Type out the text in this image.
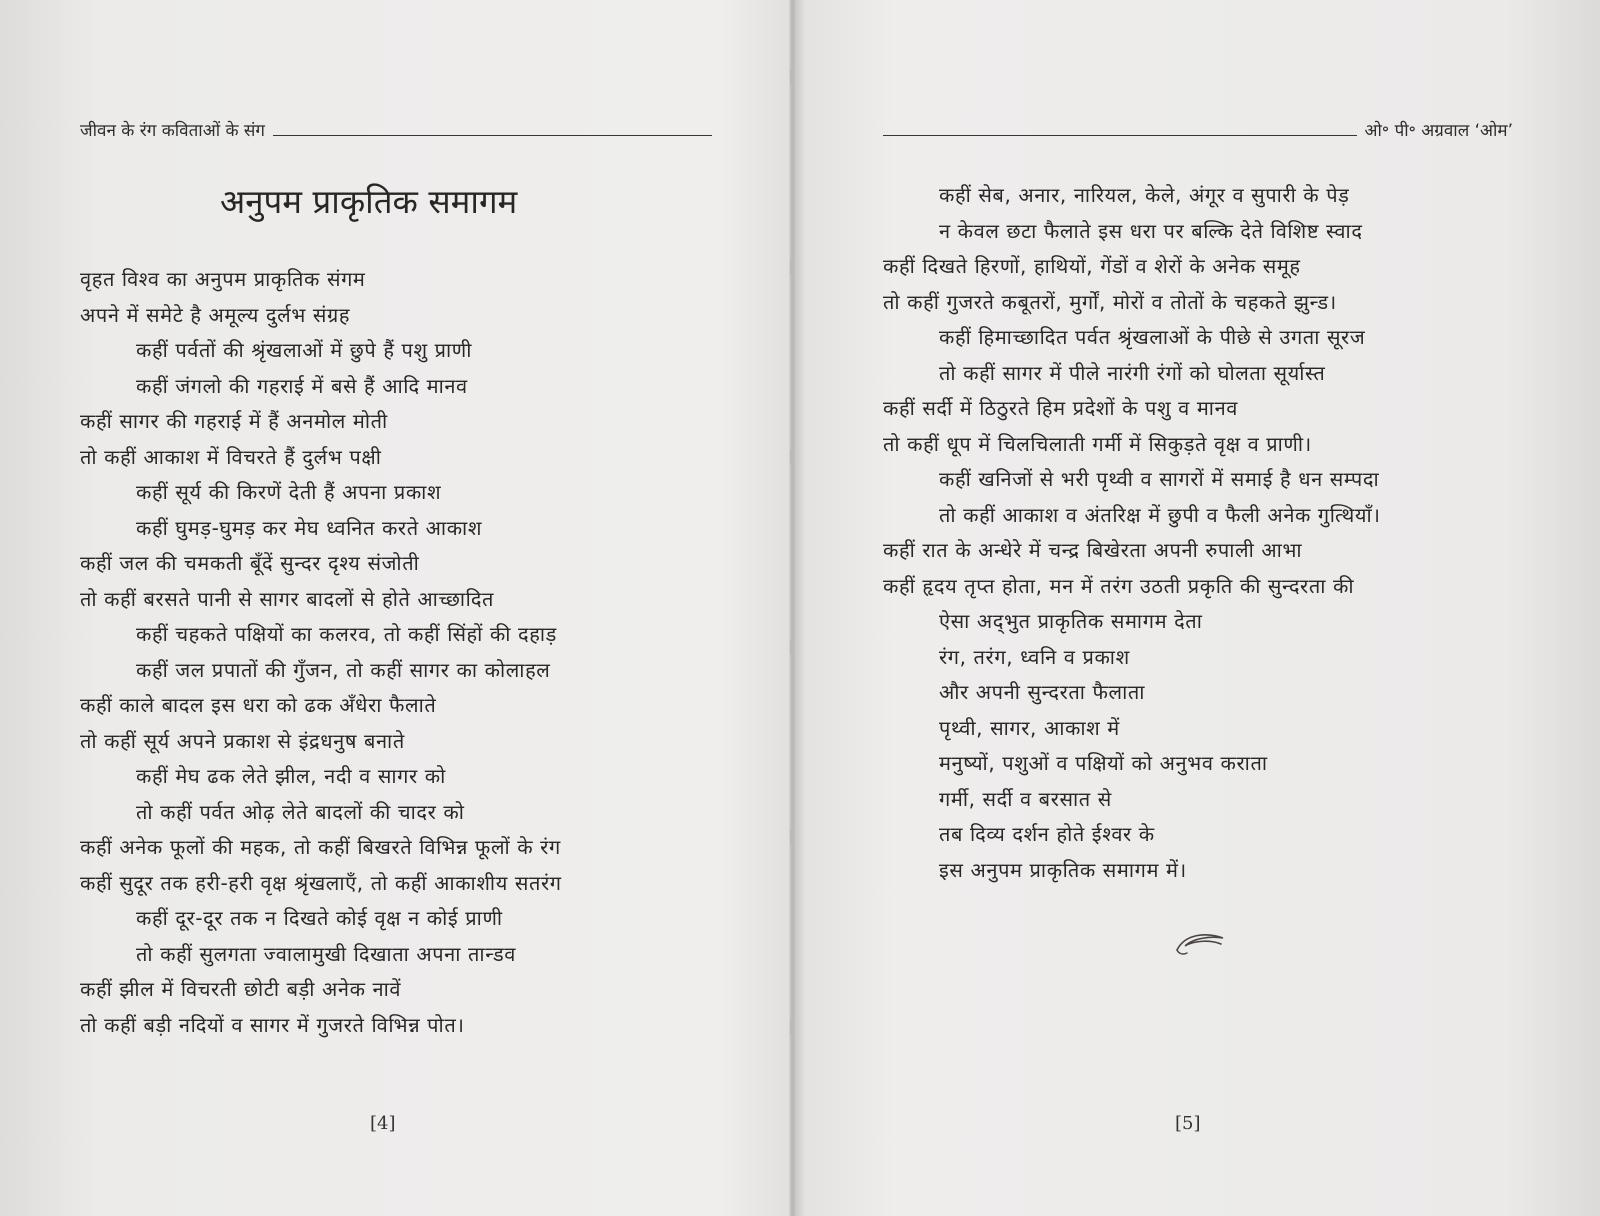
जीवन के रंग कविताओं के संग
अनुपम प्राकृतिक समागम
वृहत विश्व का अनुपम प्राकृतिक संगम
अपने में समेटे है अमूल्य दुर्लभ संग्रह
कहीं पर्वतों की श्रृंखलाओं में छुपे हैं पशु प्राणी
कहीं जंगलो की गहराई में बसे हैं आदि मानव
कहीं सागर की गहराई में हैं अनमोल मोती
तो कहीं आकाश में विचरते हैं दुर्लभ पक्षी
कहीं सूर्य की किरणें देती हैं अपना प्रकाश
कहीं घुमड़-घुमड़ कर मेघ ध्वनित करते आकाश
कहीं जल की चमकती बूँदें सुन्दर दृश्य संजोती
तो कहीं बरसते पानी से सागर बादलों से होते आच्छादित
कहीं चहकते पक्षियों का कलरव, तो कहीं सिंहों की दहाड़
कहीं जल प्रपातों की गुँजन, तो कहीं सागर का कोलाहल
कहीं काले बादल इस धरा को ढक अँधेरा फैलाते
तो कहीं सूर्य अपने प्रकाश से इंद्रधनुष बनाते
कहीं मेघ ढक लेते झील, नदी व सागर को
तो कहीं पर्वत ओढ़ लेते बादलों की चादर को
कहीं अनेक फूलों की महक, तो कहीं बिखरते विभिन्न फूलों के रंग
कहीं सुदूर तक हरी-हरी वृक्ष श्रृंखलाएँ, तो कहीं आकाशीय सतरंग
कहीं दूर-दूर तक न दिखते कोई वृक्ष न कोई प्राणी
तो कहीं सुलगता ज्वालामुखी दिखाता अपना तान्डव
कहीं झील में विचरती छोटी बड़ी अनेक नावें
तो कहीं बड़ी नदियों व सागर में गुजरते विभिन्न पोत।
[4]
ओ॰ पी॰ अग्रवाल ‘ओम’
कहीं सेब, अनार, नारियल, केले, अंगूर व सुपारी के पेड़
न केवल छटा फैलाते इस धरा पर बल्कि देते विशिष्ट स्वाद
कहीं दिखते हिरणों, हाथियों, गेंडों व शेरों के अनेक समूह
तो कहीं गुजरते कबूतरों, मुर्गों, मोरों व तोतों के चहकते झुन्ड।
कहीं हिमाच्छादित पर्वत श्रृंखलाओं के पीछे से उगता सूरज
तो कहीं सागर में पीले नारंगी रंगों को घोलता सूर्यास्त
कहीं सर्दी में ठिठुरते हिम प्रदेशों के पशु व मानव
तो कहीं धूप में चिलचिलाती गर्मी में सिकुड़ते वृक्ष व प्राणी।
कहीं खनिजों से भरी पृथ्वी व सागरों में समाई है धन सम्पदा
तो कहीं आकाश व अंतरिक्ष में छुपी व फैली अनेक गुत्थियाँ।
कहीं रात के अन्धेरे में चन्द्र बिखेरता अपनी रुपाली आभा
कहीं हृदय तृप्त होता, मन में तरंग उठती प्रकृति की सुन्दरता की
ऐसा अद्‌भुत प्राकृतिक समागम देता
रंग, तरंग, ध्वनि व प्रकाश
और अपनी सुन्दरता फैलाता
पृथ्वी, सागर, आकाश में
मनुष्यों, पशुओं व पक्षियों को अनुभव कराता
गर्मी, सर्दी व बरसात से
तब दिव्य दर्शन होते ईश्वर के
इस अनुपम प्राकृतिक समागम में।
[5]
